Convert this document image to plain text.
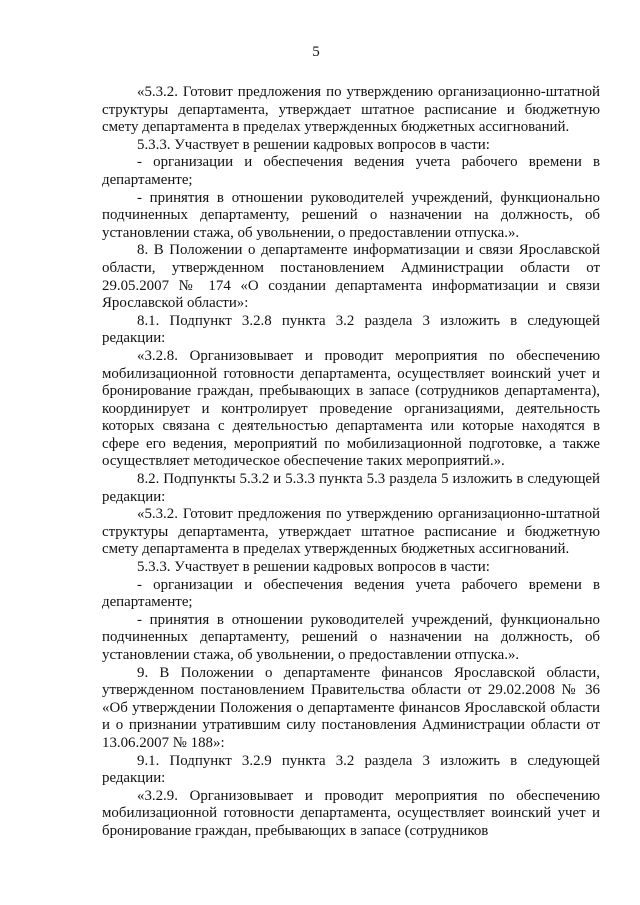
5

«5.3.2. Готовит предложения по утверждению организационно-штатной структуры департамента, утверждает штатное расписание и бюджетную смету департамента в пределах утвержденных бюджетных ассигнований.

5.3.3. Участвует в решении кадровых вопросов в части:

- организации и обеспечения ведения учета рабочего времени в департаменте;

- принятия в отношении руководителей учреждений, функционально подчиненных департаменту, решений о назначении на должность, об установлении стажа, об увольнении, о предоставлении отпуска.».

8. В Положении о департаменте информатизации и связи Ярославской области, утвержденном постановлением Администрации области от 29.05.2007 № 174 «О создании департамента информатизации и связи Ярославской области»:

8.1. Подпункт 3.2.8 пункта 3.2 раздела 3 изложить в следующей редакции:

«3.2.8. Организовывает и проводит мероприятия по обеспечению мобилизационной готовности департамента, осуществляет воинский учет и бронирование граждан, пребывающих в запасе (сотрудников департамента), координирует и контролирует проведение организациями, деятельность которых связана с деятельностью департамента или которые находятся в сфере его ведения, мероприятий по мобилизационной подготовке, а также осуществляет методическое обеспечение таких мероприятий.».

8.2. Подпункты 5.3.2 и 5.3.3 пункта 5.3 раздела 5 изложить в следующей редакции:

«5.3.2. Готовит предложения по утверждению организационно-штатной структуры департамента, утверждает штатное расписание и бюджетную смету департамента в пределах утвержденных бюджетных ассигнований.

5.3.3. Участвует в решении кадровых вопросов в части:

- организации и обеспечения ведения учета рабочего времени в департаменте;

- принятия в отношении руководителей учреждений, функционально подчиненных департаменту, решений о назначении на должность, об установлении стажа, об увольнении, о предоставлении отпуска.».

9. В Положении о департаменте финансов Ярославской области, утвержденном постановлением Правительства области от 29.02.2008 № 36 «Об утверждении Положения о департаменте финансов Ярославской области и о признании утратившим силу постановления Администрации области от 13.06.2007 № 188»:

9.1. Подпункт 3.2.9 пункта 3.2 раздела 3 изложить в следующей редакции:

«3.2.9. Организовывает и проводит мероприятия по обеспечению мобилизационной готовности департамента, осуществляет воинский учет и бронирование граждан, пребывающих в запасе (сотрудников
